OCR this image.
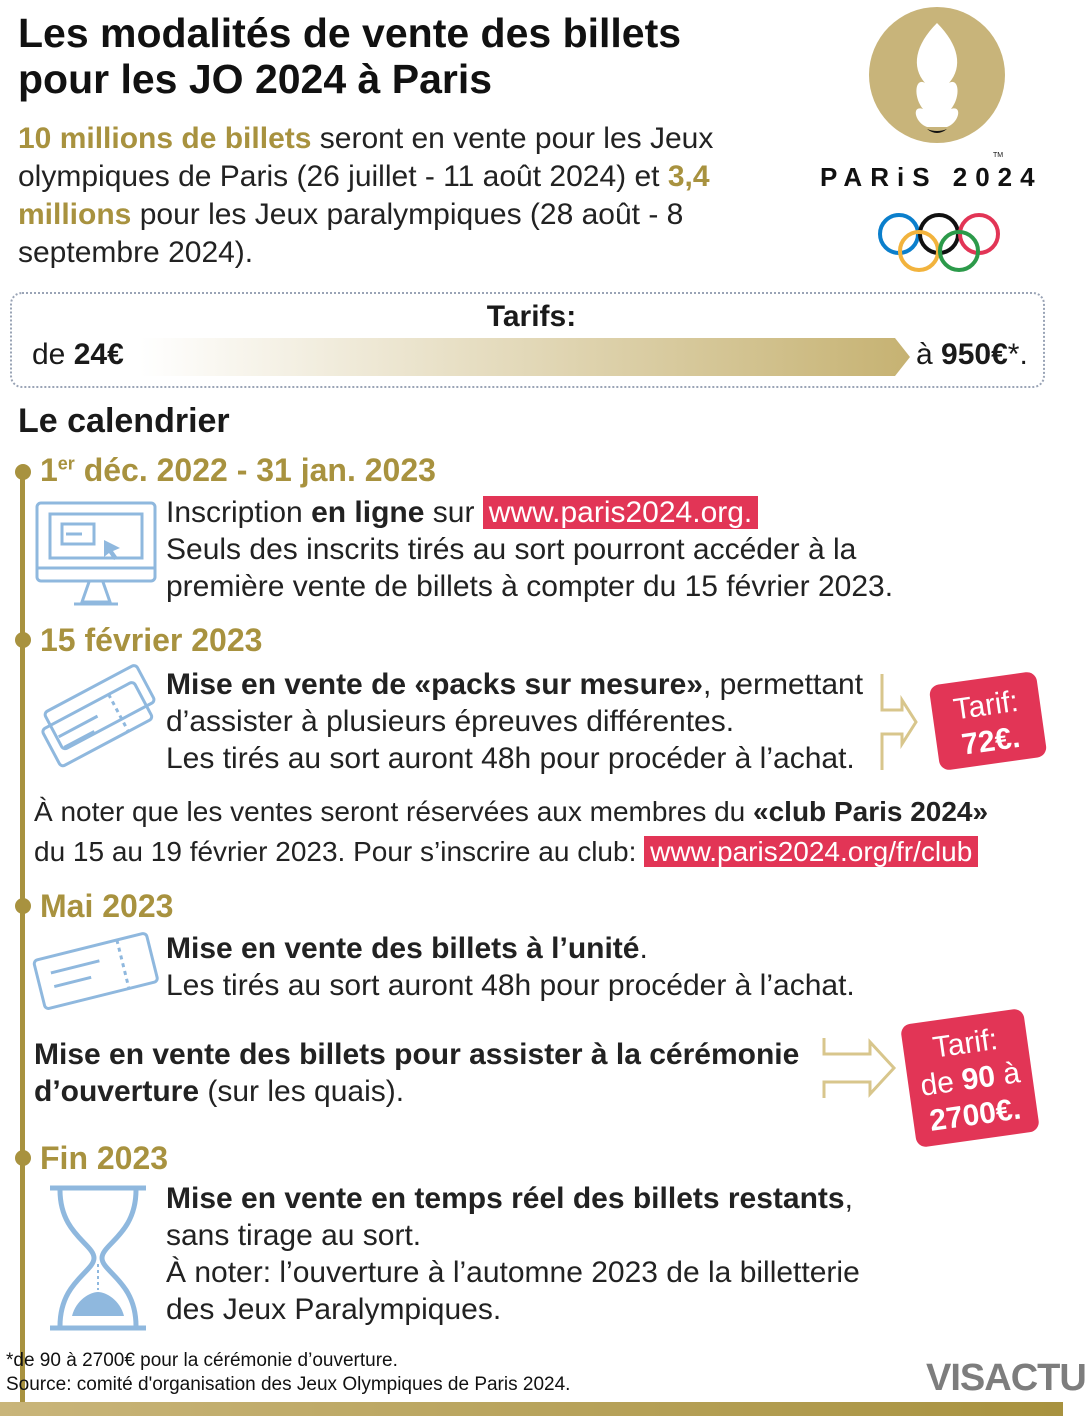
Les modalités de vente des billets
pour les JO 2024 à Paris
10 millions de billets seront en vente pour les Jeux olympiques de Paris (26 juillet - 11 août 2024) et 3,4 millions pour les Jeux paralympiques (28 août - 8 septembre 2024).
TM
PARiS 2024
Tarifs:
de 24€	à 950€*.
Le calendrier
1er déc. 2022 - 31 jan. 2023
Inscription en ligne sur www.paris2024.org.
Seuls des inscrits tirés au sort pourront accéder à la
première vente de billets à compter du 15 février 2023.
15 février 2023
Mise en vente de «packs sur mesure», permettant
d’assister à plusieurs épreuves différentes.
Les tirés au sort auront 48h pour procéder à l’achat.
Tarif:
72€.
À noter que les ventes seront réservées aux membres du «club Paris 2024»
du 15 au 19 février 2023. Pour s’inscrire au club: www.paris2024.org/fr/club
Mai 2023
Mise en vente des billets à l’unité.
Les tirés au sort auront 48h pour procéder à l’achat.
Mise en vente des billets pour assister à la cérémonie
d’ouverture (sur les quais).
Tarif:
de 90 à
2700€.
Fin 2023
Mise en vente en temps réel des billets restants,
sans tirage au sort.
À noter: l’ouverture à l’automne 2023 de la billetterie
des Jeux Paralympiques.
*de 90 à 2700€ pour la cérémonie d’ouverture.
Source: comité d'organisation des Jeux Olympiques de Paris 2024.	VISACTU
